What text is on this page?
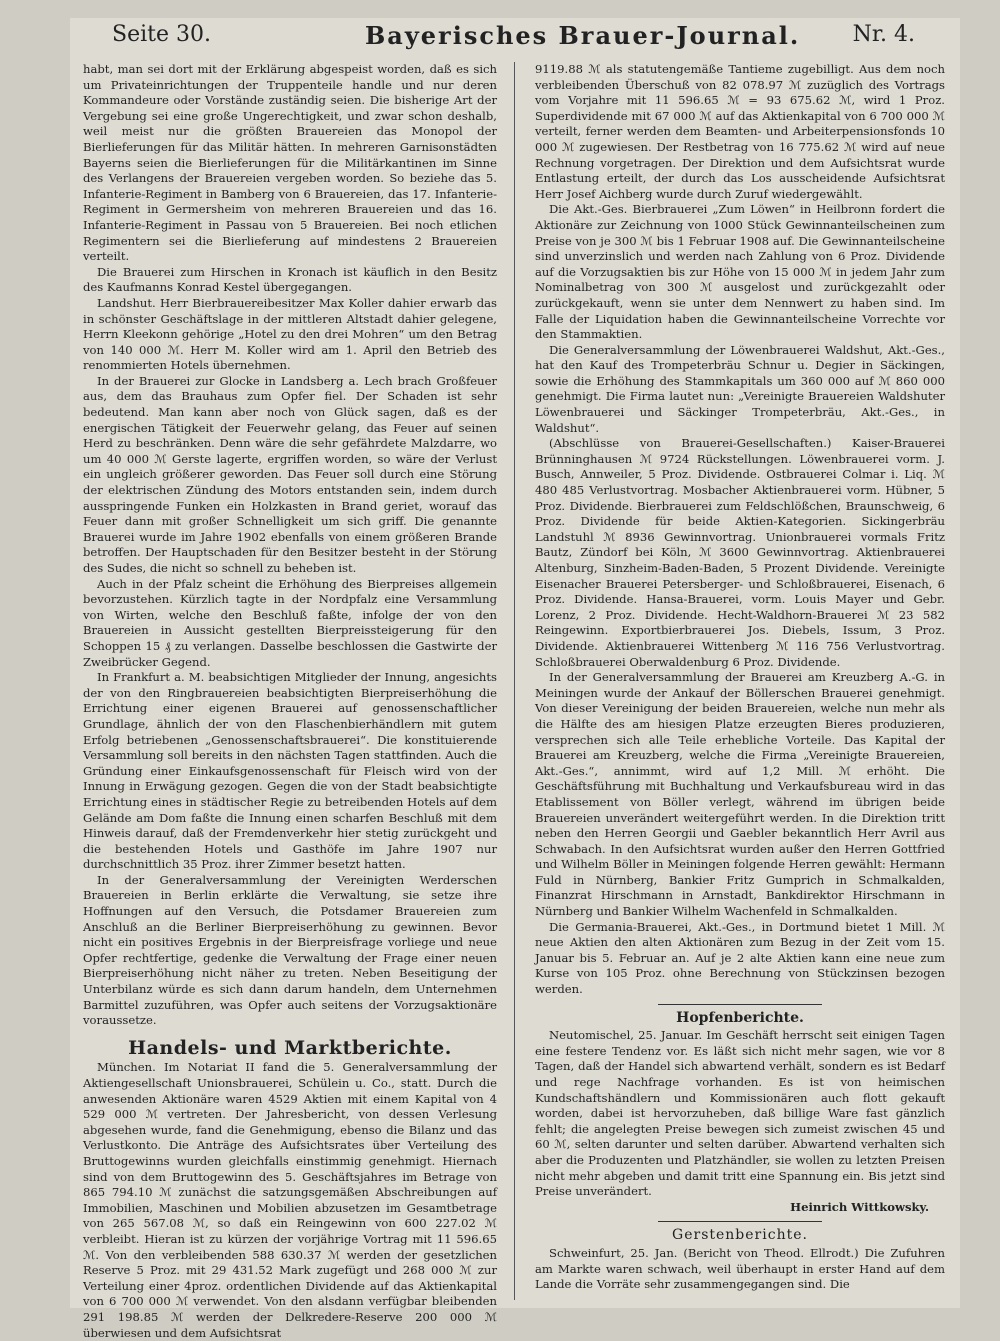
Seite 30.	Bayerisches Brauer-Journal. Nr. 4.

habt, man sei dort mit der Erklärung abgespeist worden, daß es sich um Privateinrichtungen der Truppenteile handle und nur deren Kommandeure oder Vorstände zuständig seien. Die bisherige Art der Vergebung sei eine große Ungerechtigkeit, und zwar schon deshalb, weil meist nur die größten Brauereien das Monopol der Bierlieferungen für das Militär hätten. In mehreren Garnisonstädten Bayerns seien die Bierlieferungen für die Militärkantinen im Sinne des Verlangens der Brauereien vergeben worden. So beziehe das 5. Infanterie-Regiment in Bamberg von 6 Brauereien, das 17. Infanterie-Regiment in Germersheim von mehreren Brauereien und das 16. Infanterie-Regiment in Passau von 5 Brauereien. Bei noch etlichen Regimentern sei die Bierlieferung auf mindestens 2 Brauereien verteilt.

Die Brauerei zum Hirschen in Kronach ist käuflich in den Besitz des Kaufmanns Konrad Kestel übergegangen.

Landshut. Herr Bierbrauereibesitzer Max Koller dahier erwarb das in schönster Geschäftslage in der mittleren Altstadt dahier gelegene, Herrn Kleekonn gehörige „Hotel zu den drei Mohren“ um den Betrag von 140 000 ℳ. Herr M. Koller wird am 1. April den Betrieb des renommierten Hotels übernehmen.

In der Brauerei zur Glocke in Landsberg a. Lech brach Großfeuer aus, dem das Brauhaus zum Opfer fiel. Der Schaden ist sehr bedeutend. Man kann aber noch von Glück sagen, daß es der energischen Tätigkeit der Feuerwehr gelang, das Feuer auf seinen Herd zu beschränken. Denn wäre die sehr gefährdete Malzdarre, wo um 40 000 ℳ Gerste lagerte, ergriffen worden, so wäre der Verlust ein ungleich größerer geworden. Das Feuer soll durch eine Störung der elektrischen Zündung des Motors entstanden sein, indem durch ausspringende Funken ein Holzkasten in Brand geriet, worauf das Feuer dann mit großer Schnelligkeit um sich griff. Die genannte Brauerei wurde im Jahre 1902 ebenfalls von einem größeren Brande betroffen. Der Hauptschaden für den Besitzer besteht in der Störung des Sudes, die nicht so schnell zu beheben ist.

Auch in der Pfalz scheint die Erhöhung des Bierpreises allgemein bevorzustehen. Kürzlich tagte in der Nordpfalz eine Versammlung von Wirten, welche den Beschluß faßte, infolge der von den Brauereien in Aussicht gestellten Bierpreissteigerung für den Schoppen 15 ₰ zu verlangen. Dasselbe beschlossen die Gastwirte der Zweibrücker Gegend.

In Frankfurt a. M. beabsichtigen Mitglieder der Innung, angesichts der von den Ringbrauereien beabsichtigten Bierpreiserhöhung die Errichtung einer eigenen Brauerei auf genossenschaftlicher Grundlage, ähnlich der von den Flaschenbierhändlern mit gutem Erfolg betriebenen „Genossenschaftsbrauerei“. Die konstituierende Versammlung soll bereits in den nächsten Tagen stattfinden. Auch die Gründung einer Einkaufsgenossenschaft für Fleisch wird von der Innung in Erwägung gezogen. Gegen die von der Stadt beabsichtigte Errichtung eines in städtischer Regie zu betreibenden Hotels auf dem Gelände am Dom faßte die Innung einen scharfen Beschluß mit dem Hinweis darauf, daß der Fremdenverkehr hier stetig zurückgeht und die bestehenden Hotels und Gasthöfe im Jahre 1907 nur durchschnittlich 35 Proz. ihrer Zimmer besetzt hatten.

In der Generalversammlung der Vereinigten Werderschen Brauereien in Berlin erklärte die Verwaltung, sie setze ihre Hoffnungen auf den Versuch, die Potsdamer Brauereien zum Anschluß an die Berliner Bierpreiserhöhung zu gewinnen. Bevor nicht ein positives Ergebnis in der Bierpreisfrage vorliege und neue Opfer rechtfertige, gedenke die Verwaltung der Frage einer neuen Bierpreiserhöhung nicht näher zu treten. Neben Beseitigung der Unterbilanz würde es sich dann darum handeln, dem Unternehmen Barmittel zuzuführen, was Opfer auch seitens der Vorzugsaktionäre voraussetze.

Handels- und Marktberichte.

München. Im Notariat II fand die 5. Generalversammlung der Aktiengesellschaft Unionsbrauerei, Schülein u. Co., statt. Durch die anwesenden Aktionäre waren 4529 Aktien mit einem Kapital von 4 529 000 ℳ vertreten. Der Jahresbericht, von dessen Verlesung abgesehen wurde, fand die Genehmigung, ebenso die Bilanz und das Verlustkonto. Die Anträge des Aufsichtsrates über Verteilung des Bruttogewinns wurden gleichfalls einstimmig genehmigt. Hiernach sind von dem Bruttogewinn des 5. Geschäftsjahres im Betrage von 865 794.10 ℳ zunächst die satzungsgemäßen Abschreibungen auf Immobilien, Maschinen und Mobilien abzusetzen im Gesamtbetrage von 265 567.08 ℳ, so daß ein Reingewinn von 600 227.02 ℳ verbleibt. Hieran ist zu kürzen der vorjährige Vortrag mit 11 596.65 ℳ. Von den verbleibenden 588 630.37 ℳ werden der gesetzlichen Reserve 5 Proz. mit 29 431.52 Mark zugefügt und 268 000 ℳ zur Verteilung einer 4proz. ordentlichen Dividende auf das Aktienkapital von 6 700 000 ℳ verwendet. Von den alsdann verfügbar bleibenden 291 198.85 ℳ werden der Delkredere-Reserve 200 000 ℳ überwiesen und dem Aufsichtsrat

9119.88 ℳ als statutengemäße Tantieme zugebilligt. Aus dem noch verbleibenden Überschuß von 82 078.97 ℳ zuzüglich des Vortrags vom Vorjahre mit 11 596.65 ℳ = 93 675.62 ℳ, wird 1 Proz. Superdividende mit 67 000 ℳ auf das Aktienkapital von 6 700 000 ℳ verteilt, ferner werden dem Beamten- und Arbeiterpensionsfonds 10 000 ℳ zugewiesen. Der Restbetrag von 16 775.62 ℳ wird auf neue Rechnung vorgetragen. Der Direktion und dem Aufsichtsrat wurde Entlastung erteilt, der durch das Los ausscheidende Aufsichtsrat Herr Josef Aichberg wurde durch Zuruf wiedergewählt.

Die Akt.-Ges. Bierbrauerei „Zum Löwen“ in Heilbronn fordert die Aktionäre zur Zeichnung von 1000 Stück Gewinnanteilscheinen zum Preise von je 300 ℳ bis 1 Februar 1908 auf. Die Gewinnanteilscheine sind unverzinslich und werden nach Zahlung von 6 Proz. Dividende auf die Vorzugsaktien bis zur Höhe von 15 000 ℳ in jedem Jahr zum Nominalbetrag von 300 ℳ ausgelost und zurückgezahlt oder zurückgekauft, wenn sie unter dem Nennwert zu haben sind. Im Falle der Liquidation haben die Gewinnanteilscheine Vorrechte vor den Stammaktien.

Die Generalversammlung der Löwenbrauerei Waldshut, Akt.-Ges., hat den Kauf des Trompeterbräu Schnur u. Degier in Säckingen, sowie die Erhöhung des Stammkapitals um 360 000 auf ℳ 860 000 genehmigt. Die Firma lautet nun: „Vereinigte Brauereien Waldshuter Löwenbrauerei und Säckinger Trompeterbräu, Akt.-Ges., in Waldshut“.

(Abschlüsse von Brauerei-Gesellschaften.) Kaiser-Brauerei Brünninghausen ℳ 9724 Rückstellungen. Löwenbrauerei vorm. J. Busch, Annweiler, 5 Proz. Dividende. Ostbrauerei Colmar i. Liq. ℳ 480 485 Verlustvortrag. Mosbacher Aktienbrauerei vorm. Hübner, 5 Proz. Dividende. Bierbrauerei zum Feldschlößchen, Braunschweig, 6 Proz. Dividende für beide Aktien-Kategorien. Sickingerbräu Landstuhl ℳ 8936 Gewinnvortrag. Unionbrauerei vormals Fritz Bautz, Zündorf bei Köln, ℳ 3600 Gewinnvortrag. Aktienbrauerei Altenburg, Sinzheim-Baden-Baden, 5 Prozent Dividende. Vereinigte Eisenacher Brauerei Petersberger- und Schloßbrauerei, Eisenach, 6 Proz. Dividende. Hansa-Brauerei, vorm. Louis Mayer und Gebr. Lorenz, 2 Proz. Dividende. Hecht-Waldhorn-Brauerei ℳ 23 582 Reingewinn. Exportbierbrauerei Jos. Diebels, Issum, 3 Proz. Dividende. Aktienbrauerei Wittenberg ℳ 116 756 Verlustvortrag. Schloßbrauerei Oberwaldenburg 6 Proz. Dividende.

In der Generalversammlung der Brauerei am Kreuzberg A.-G. in Meiningen wurde der Ankauf der Böllerschen Brauerei genehmigt. Von dieser Vereinigung der beiden Brauereien, welche nun mehr als die Hälfte des am hiesigen Platze erzeugten Bieres produzieren, versprechen sich alle Teile erhebliche Vorteile. Das Kapital der Brauerei am Kreuzberg, welche die Firma „Vereinigte Brauereien, Akt.-Ges.“, annimmt, wird auf 1,2 Mill. ℳ erhöht. Die Geschäftsführung mit Buchhaltung und Verkaufsbureau wird in das Etablissement von Böller verlegt, während im übrigen beide Brauereien unverändert weitergeführt werden. In die Direktion tritt neben den Herren Georgii und Gaebler bekanntlich Herr Avril aus Schwabach. In den Aufsichtsrat wurden außer den Herren Gottfried und Wilhelm Böller in Meiningen folgende Herren gewählt: Hermann Fuld in Nürnberg, Bankier Fritz Gumprich in Schmalkalden, Finanzrat Hirschmann in Arnstadt, Bankdirektor Hirschmann in Nürnberg und Bankier Wilhelm Wachenfeld in Schmalkalden.

Die Germania-Brauerei, Akt.-Ges., in Dortmund bietet 1 Mill. ℳ neue Aktien den alten Aktionären zum Bezug in der Zeit vom 15. Januar bis 5. Februar an. Auf je 2 alte Aktien kann eine neue zum Kurse von 105 Proz. ohne Berechnung von Stückzinsen bezogen werden.

Hopfenberichte.

Neutomischel, 25. Januar. Im Geschäft herrscht seit einigen Tagen eine festere Tendenz vor. Es läßt sich nicht mehr sagen, wie vor 8 Tagen, daß der Handel sich abwartend verhält, sondern es ist Bedarf und rege Nachfrage vorhanden. Es ist von heimischen Kundschaftshändlern und Kommissionären auch flott gekauft worden, dabei ist hervorzuheben, daß billige Ware fast gänzlich fehlt; die angelegten Preise bewegen sich zumeist zwischen 45 und 60 ℳ, selten darunter und selten darüber. Abwartend verhalten sich aber die Produzenten und Platzhändler, sie wollen zu letzten Preisen nicht mehr abgeben und damit tritt eine Spannung ein. Bis jetzt sind Preise unverändert.

Heinrich Wittkowsky.
Gerstenberichte.

Schweinfurt, 25. Jan. (Bericht von Theod. Ellrodt.) Die Zufuhren am Markte waren schwach, weil überhaupt in erster Hand auf dem Lande die Vorräte sehr zusammengegangen sind. Die
